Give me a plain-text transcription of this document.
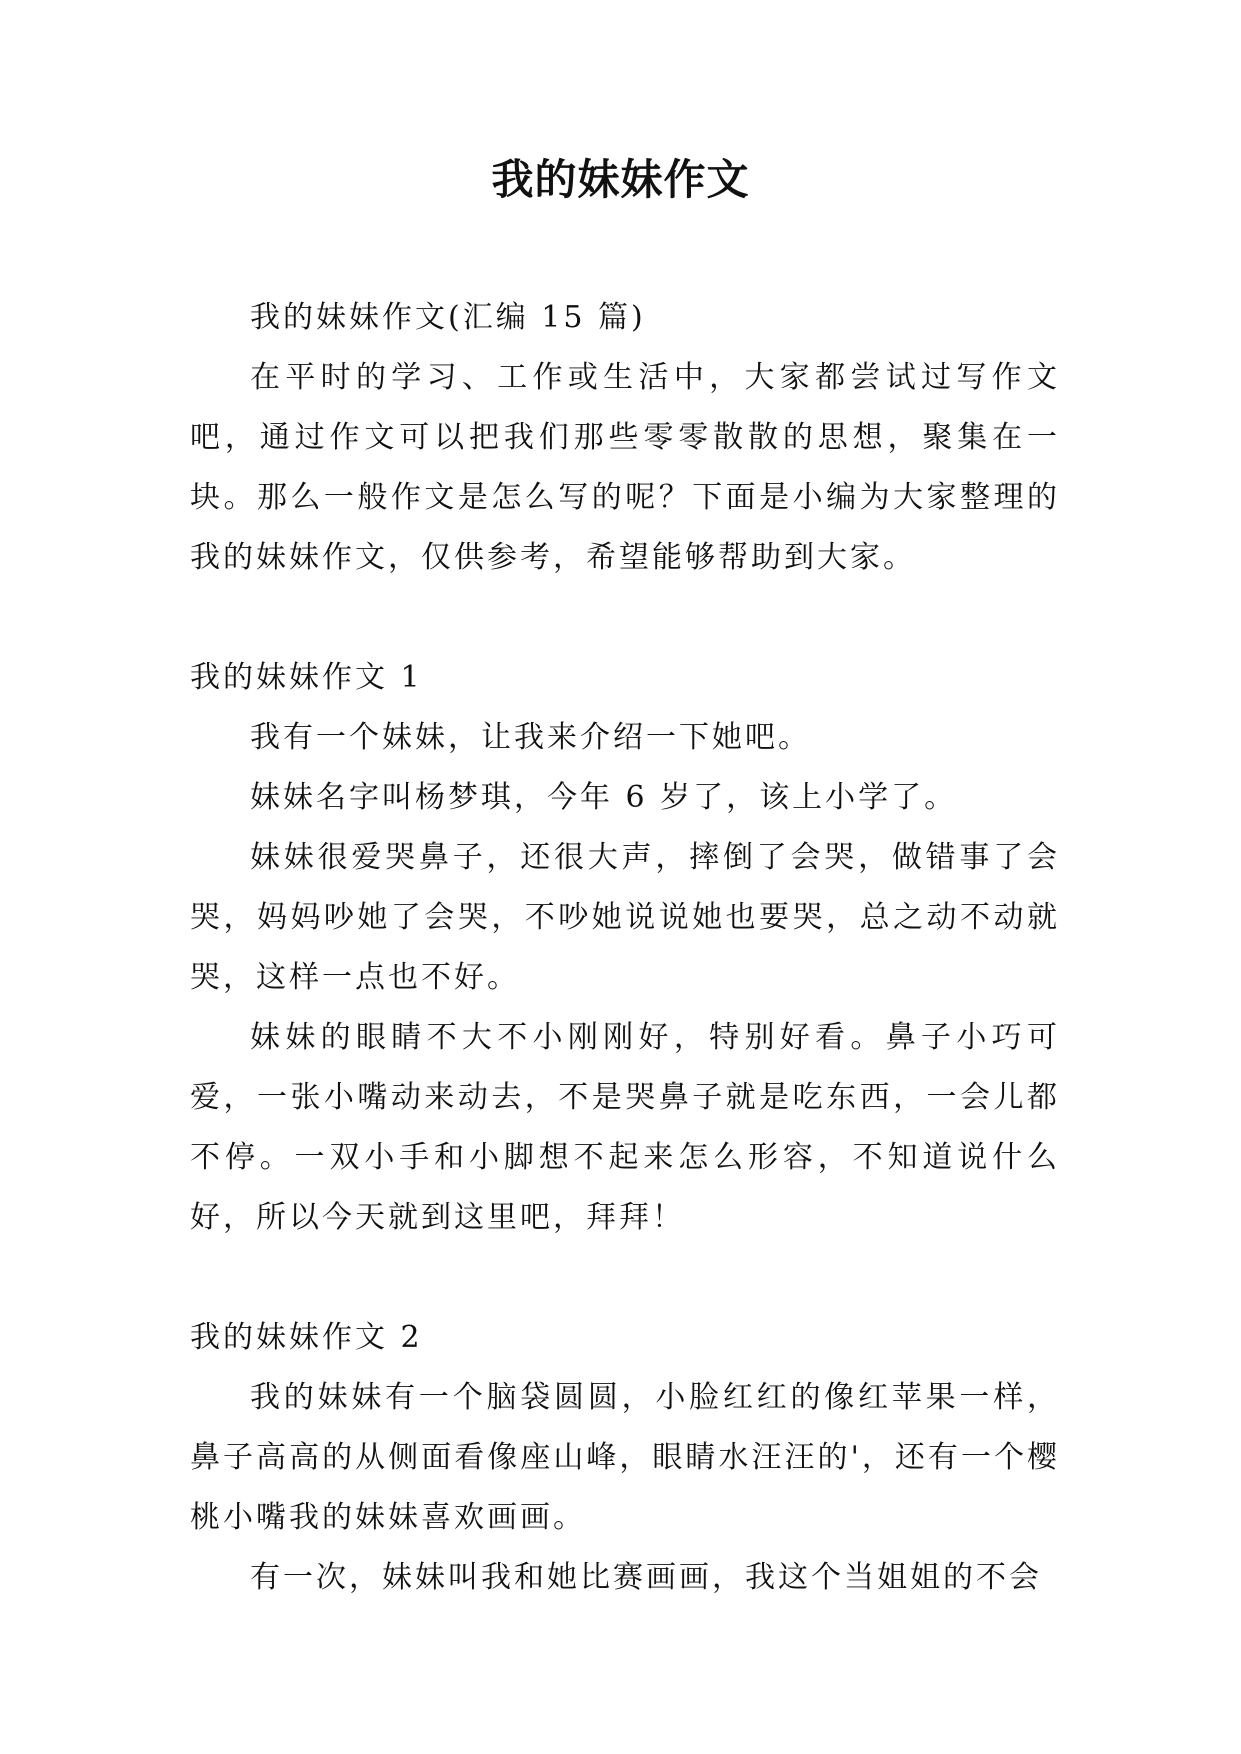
我的妹妹作文

我的妹妹作文(汇编 15 篇)

在平时的学习、工作或生活中，大家都尝试过写作文吧，通过作文可以把我们那些零零散散的思想，聚集在一块。那么一般作文是怎么写的呢？下面是小编为大家整理的我的妹妹作文，仅供参考，希望能够帮助到大家。

我的妹妹作文 1

我有一个妹妹，让我来介绍一下她吧。

妹妹名字叫杨梦琪，今年 6 岁了，该上小学了。

妹妹很爱哭鼻子，还很大声，摔倒了会哭，做错事了会哭，妈妈吵她了会哭，不吵她说说她也要哭，总之动不动就哭，这样一点也不好。

妹妹的眼睛不大不小刚刚好，特别好看。鼻子小巧可爱，一张小嘴动来动去，不是哭鼻子就是吃东西，一会儿都不停。一双小手和小脚想不起来怎么形容，不知道说什么好，所以今天就到这里吧，拜拜！

我的妹妹作文 2

我的妹妹有一个脑袋圆圆，小脸红红的像红苹果一样，鼻子高高的从侧面看像座山峰，眼睛水汪汪的'，还有一个樱桃小嘴我的妹妹喜欢画画。

有一次，妹妹叫我和她比赛画画，我这个当姐姐的不会
